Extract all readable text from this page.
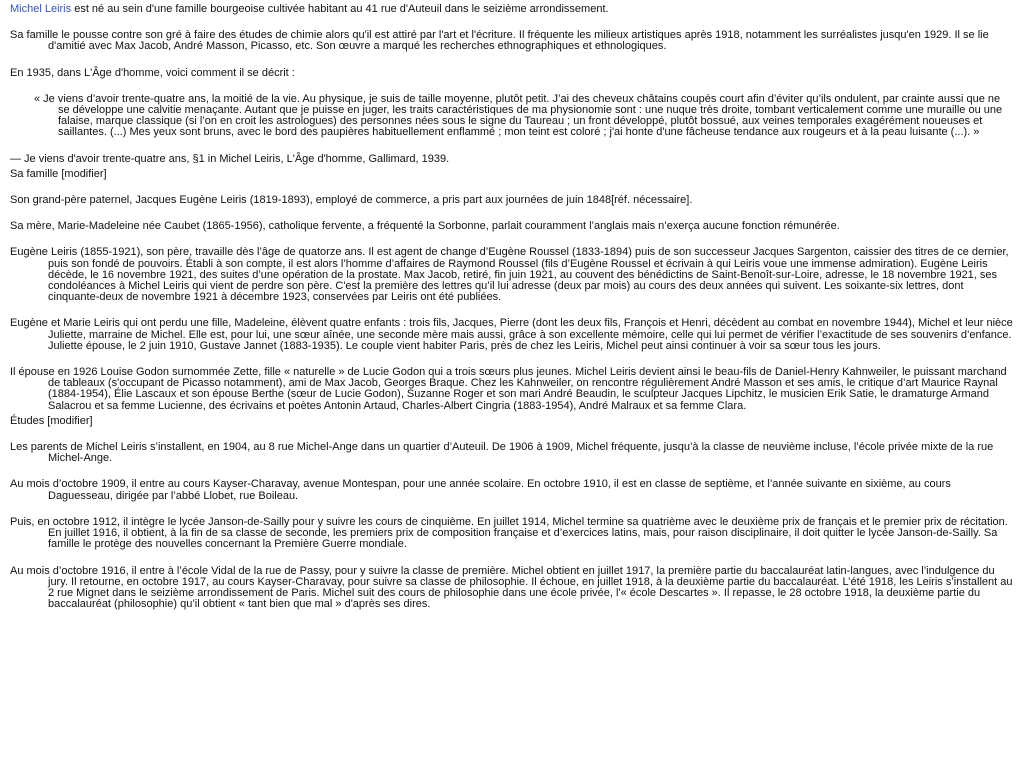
Michel Leiris est né au sein d'une famille bourgeoise cultivée habitant au 41 rue d'Auteuil dans le seizième arrondissement.

Sa famille le pousse contre son gré à faire des études de chimie alors qu'il est attiré par l'art et l'écriture. Il fréquente les milieux artistiques après 1918, notamment les surréalistes jusqu'en 1929. Il se lie d'amitié avec Max Jacob, André Masson, Picasso, etc. Son œuvre a marqué les recherches ethnographiques et ethnologiques.

En 1935, dans L'Âge d'homme, voici comment il se décrit :

« Je viens d’avoir trente-quatre ans, la moitié de la vie. Au physique, je suis de taille moyenne, plutôt petit. J’ai des cheveux châtains coupés court afin d’éviter qu’ils ondulent, par crainte aussi que ne se développe une calvitie menaçante. Autant que je puisse en juger, les traits caractéristiques de ma physionomie sont : une nuque très droite, tombant verticalement comme une muraille ou une falaise, marque classique (si l’on en croit les astrologues) des personnes nées sous le signe du Taureau ; un front développé, plutôt bossué, aux veines temporales exagérément noueuses et saillantes. (...) Mes yeux sont bruns, avec le bord des paupières habituellement enflammé ; mon teint est coloré ; j'ai honte d'une fâcheuse tendance aux rougeurs et à la peau luisante (...). »

— Je viens d'avoir trente-quatre ans, §1 in Michel Leiris, L'Âge d'homme, Gallimard, 1939.

Sa famille [modifier]

Son grand-père paternel, Jacques Eugène Leiris (1819-1893), employé de commerce, a pris part aux journées de juin 1848[réf. nécessaire].

Sa mère, Marie-Madeleine née Caubet (1865-1956), catholique fervente, a fréquenté la Sorbonne, parlait couramment l’anglais mais n’exerça aucune fonction rémunérée.

Eugène Leiris (1855-1921), son père, travaille dès l’âge de quatorze ans. Il est agent de change d’Eugène Roussel (1833-1894) puis de son successeur Jacques Sargenton, caissier des titres de ce dernier, puis son fondé de pouvoirs. Établi à son compte, il est alors l’homme d’affaires de Raymond Roussel (fils d’Eugène Roussel et écrivain à qui Leiris voue une immense admiration). Eugène Leiris décède, le 16 novembre 1921, des suites d’une opération de la prostate. Max Jacob, retiré, fin juin 1921, au couvent des bénédictins de Saint-Benoît-sur-Loire, adresse, le 18 novembre 1921, ses condoléances à Michel Leiris qui vient de perdre son père. C'est la première des lettres qu’il lui adresse (deux par mois) au cours des deux années qui suivent. Les soixante-six lettres, dont cinquante-deux de novembre 1921 à décembre 1923, conservées par Leiris ont été publiées.

Eugène et Marie Leiris qui ont perdu une fille, Madeleine, élèvent quatre enfants : trois fils, Jacques, Pierre (dont les deux fils, François et Henri, décèdent au combat en novembre 1944), Michel et leur nièce Juliette, marraine de Michel. Elle est, pour lui, une sœur aînée, une seconde mère mais aussi, grâce à son excellente mémoire, celle qui lui permet de vérifier l’exactitude de ses souvenirs d’enfance. Juliette épouse, le 2 juin 1910, Gustave Jannet (1883-1935). Le couple vient habiter Paris, près de chez les Leiris, Michel peut ainsi continuer à voir sa sœur tous les jours.

Il épouse en 1926 Louise Godon surnommée Zette, fille « naturelle » de Lucie Godon qui a trois sœurs plus jeunes. Michel Leiris devient ainsi le beau-fils de Daniel-Henry Kahnweiler, le puissant marchand de tableaux (s'occupant de Picasso notamment), ami de Max Jacob, Georges Braque. Chez les Kahnweiler, on rencontre régulièrement André Masson et ses amis, le critique d’art Maurice Raynal (1884-1954), Élie Lascaux et son épouse Berthe (sœur de Lucie Godon), Suzanne Roger et son mari André Beaudin, le sculpteur Jacques Lipchitz, le musicien Erik Satie, le dramaturge Armand Salacrou et sa femme Lucienne, des écrivains et poètes Antonin Artaud, Charles-Albert Cingria (1883-1954), André Malraux et sa femme Clara.

Études [modifier]

Les parents de Michel Leiris s’installent, en 1904, au 8 rue Michel-Ange dans un quartier d’Auteuil. De 1906 à 1909, Michel fréquente, jusqu’à la classe de neuvième incluse, l’école privée mixte de la rue Michel-Ange.

Au mois d’octobre 1909, il entre au cours Kayser-Charavay, avenue Montespan, pour une année scolaire. En octobre 1910, il est en classe de septième, et l’année suivante en sixième, au cours Daguesseau, dirigée par l’abbé Llobet, rue Boileau.

Puis, en octobre 1912, il intègre le lycée Janson-de-Sailly pour y suivre les cours de cinquième. En juillet 1914, Michel termine sa quatrième avec le deuxième prix de français et le premier prix de récitation. En juillet 1916, il obtient, à la fin de sa classe de seconde, les premiers prix de composition française et d’exercices latins, mais, pour raison disciplinaire, il doit quitter le lycée Janson-de-Sailly. Sa famille le protège des nouvelles concernant la Première Guerre mondiale.

Au mois d’octobre 1916, il entre à l’école Vidal de la rue de Passy, pour y suivre la classe de première. Michel obtient en juillet 1917, la première partie du baccalauréat latin-langues, avec l’indulgence du jury. Il retourne, en octobre 1917, au cours Kayser-Charavay, pour suivre sa classe de philosophie. Il échoue, en juillet 1918, à la deuxième partie du baccalauréat. L’été 1918, les Leiris s’installent au 2 rue Mignet dans le seizième arrondissement de Paris. Michel suit des cours de philosophie dans une école privée, l'« école Descartes ». Il repasse, le 28 octobre 1918, la deuxième partie du baccalauréat (philosophie) qu’il obtient « tant bien que mal » d'après ses dires.
